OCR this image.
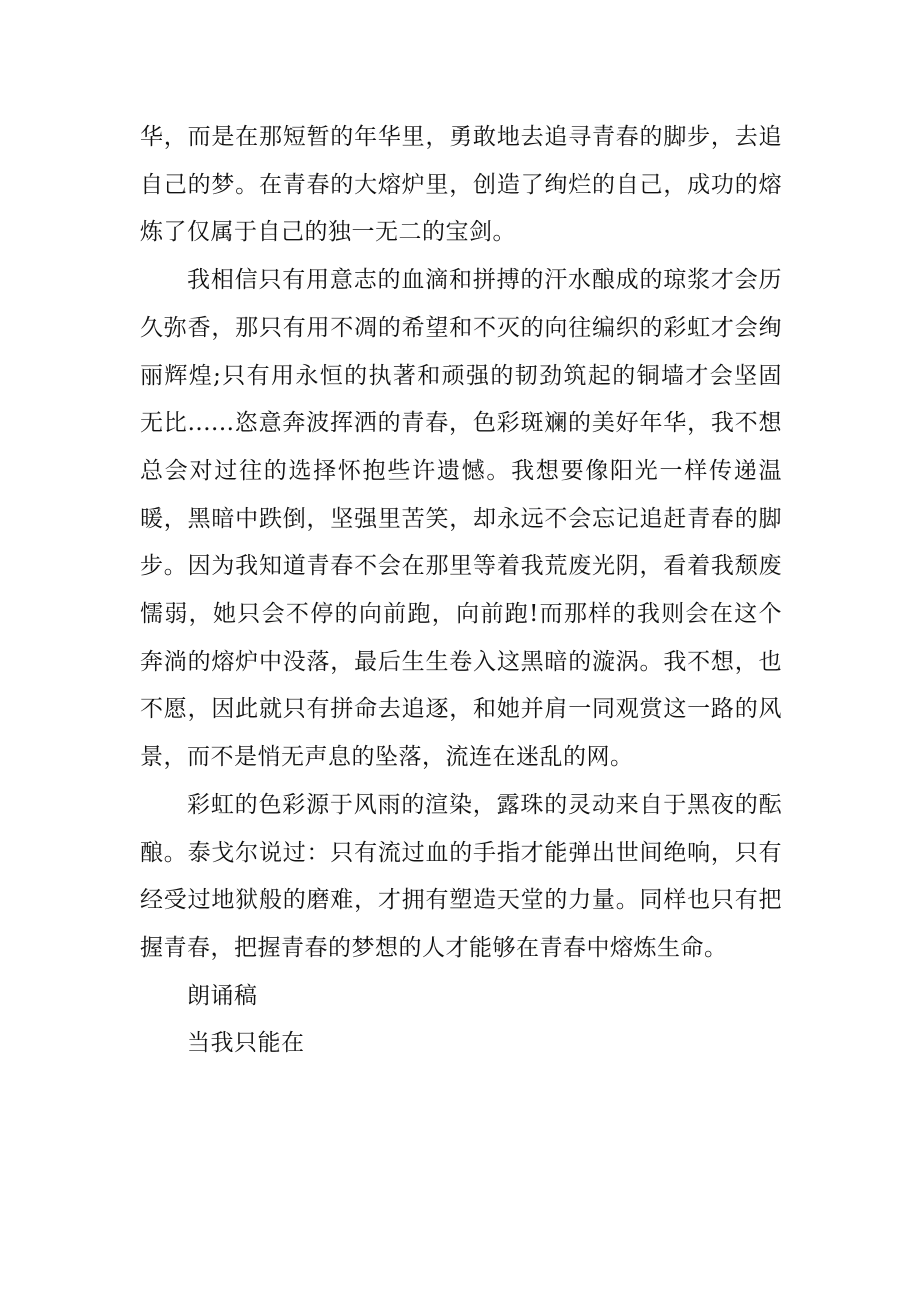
华，而是在那短暂的年华里，勇敢地去追寻青春的脚步，去追自己的梦。在青春的大熔炉里，创造了绚烂的自己，成功的熔炼了仅属于自己的独一无二的宝剑。

我相信只有用意志的血滴和拼搏的汗水酿成的琼浆才会历久弥香，那只有用不凋的希望和不灭的向往编织的彩虹才会绚丽辉煌;只有用永恒的执著和顽强的韧劲筑起的铜墙才会坚固无比......恣意奔波挥洒的青春，色彩斑斓的美好年华，我不想总会对过往的选择怀抱些许遗憾。我想要像阳光一样传递温暖，黑暗中跌倒，坚强里苦笑，却永远不会忘记追赶青春的脚步。因为我知道青春不会在那里等着我荒废光阴，看着我颓废懦弱，她只会不停的向前跑，向前跑!而那样的我则会在这个奔淌的熔炉中没落，最后生生卷入这黑暗的漩涡。我不想，也不愿，因此就只有拼命去追逐，和她并肩一同观赏这一路的风景，而不是悄无声息的坠落，流连在迷乱的网。

彩虹的色彩源于风雨的渲染，露珠的灵动来自于黑夜的酝酿。泰戈尔说过：只有流过血的手指才能弹出世间绝响，只有经受过地狱般的磨难，才拥有塑造天堂的力量。同样也只有把握青春，把握青春的梦想的人才能够在青春中熔炼生命。

朗诵稿

当我只能在
